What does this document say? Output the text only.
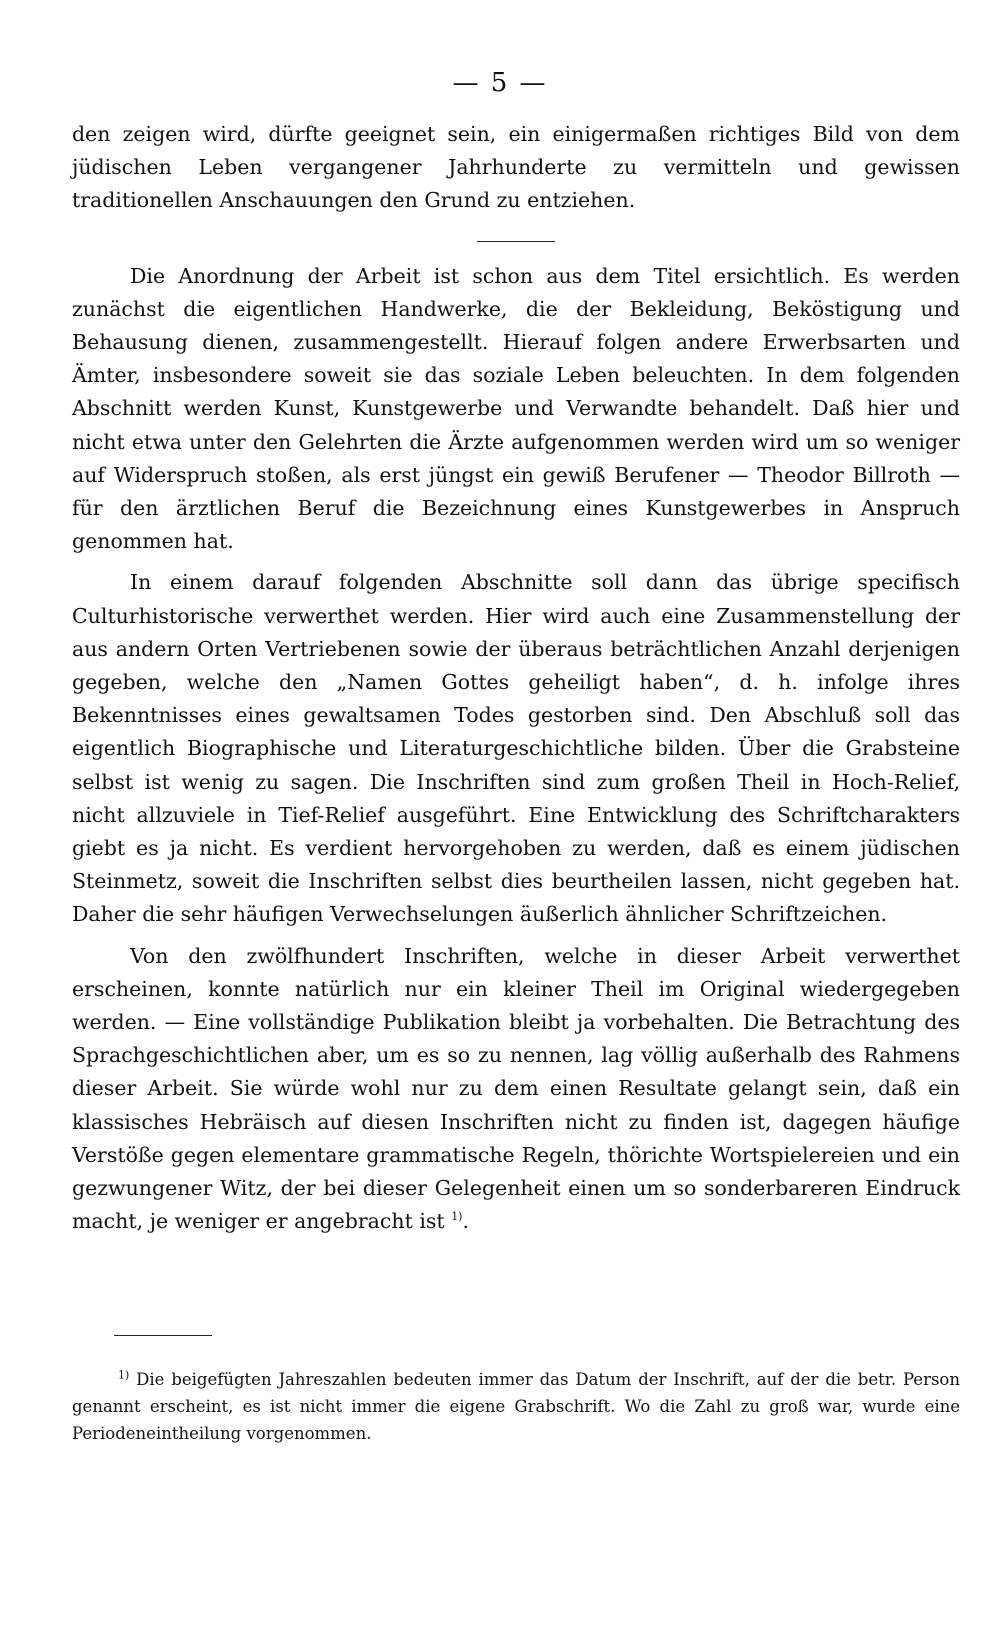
— 5 —

den zeigen wird, dürfte geeignet sein, ein einigermaßen richtiges Bild von dem jüdischen Leben vergangener Jahrhunderte zu vermitteln und gewissen traditionellen Anschauungen den Grund zu entziehen.

Die Anordnung der Arbeit ist schon aus dem Titel ersichtlich. Es werden zunächst die eigentlichen Handwerke, die der Bekleidung, Beköstigung und Behausung dienen, zusammengestellt. Hierauf folgen andere Erwerbsarten und Ämter, insbesondere soweit sie das soziale Leben beleuchten. In dem folgenden Abschnitt werden Kunst, Kunstgewerbe und Verwandte behandelt. Daß hier und nicht etwa unter den Gelehrten die Ärzte aufgenommen werden wird um so weniger auf Widerspruch stoßen, als erst jüngst ein gewiß Berufener — Theodor Billroth — für den ärztlichen Beruf die Bezeichnung eines Kunstgewerbes in Anspruch genommen hat.

In einem darauf folgenden Abschnitte soll dann das übrige specifisch Culturhistorische verwerthet werden. Hier wird auch eine Zusammenstellung der aus andern Orten Vertriebenen sowie der überaus beträchtlichen Anzahl derjenigen gegeben, welche den „Namen Gottes geheiligt haben“, d. h. infolge ihres Bekenntnisses eines gewaltsamen Todes gestorben sind. Den Abschluß soll das eigentlich Biographische und Literaturgeschichtliche bilden. Über die Grabsteine selbst ist wenig zu sagen. Die Inschriften sind zum großen Theil in Hoch-Relief, nicht allzuviele in Tief-Relief ausgeführt. Eine Entwicklung des Schriftcharakters giebt es ja nicht. Es verdient hervorgehoben zu werden, daß es einem jüdischen Steinmetz, soweit die Inschriften selbst dies beurtheilen lassen, nicht gegeben hat. Daher die sehr häufigen Verwechselungen äußerlich ähnlicher Schriftzeichen.

Von den zwölfhundert Inschriften, welche in dieser Arbeit verwerthet erscheinen, konnte natürlich nur ein kleiner Theil im Original wiedergegeben werden. — Eine vollständige Publikation bleibt ja vorbehalten. Die Betrachtung des Sprachgeschichtlichen aber, um es so zu nennen, lag völlig außerhalb des Rahmens dieser Arbeit. Sie würde wohl nur zu dem einen Resultate gelangt sein, daß ein klassisches Hebräisch auf diesen Inschriften nicht zu finden ist, dagegen häufige Verstöße gegen elementare grammatische Regeln, thörichte Wortspielereien und ein gezwungener Witz, der bei dieser Gelegenheit einen um so sonderbareren Eindruck macht, je weniger er angebracht ist $^{1)}$.

$^{1)}$ Die beigefügten Jahreszahlen bedeuten immer das Datum der Inschrift, auf der die betr. Person genannt erscheint, es ist nicht immer die eigene Grabschrift. Wo die Zahl zu groß war, wurde eine Periodeneintheilung vorgenommen.
